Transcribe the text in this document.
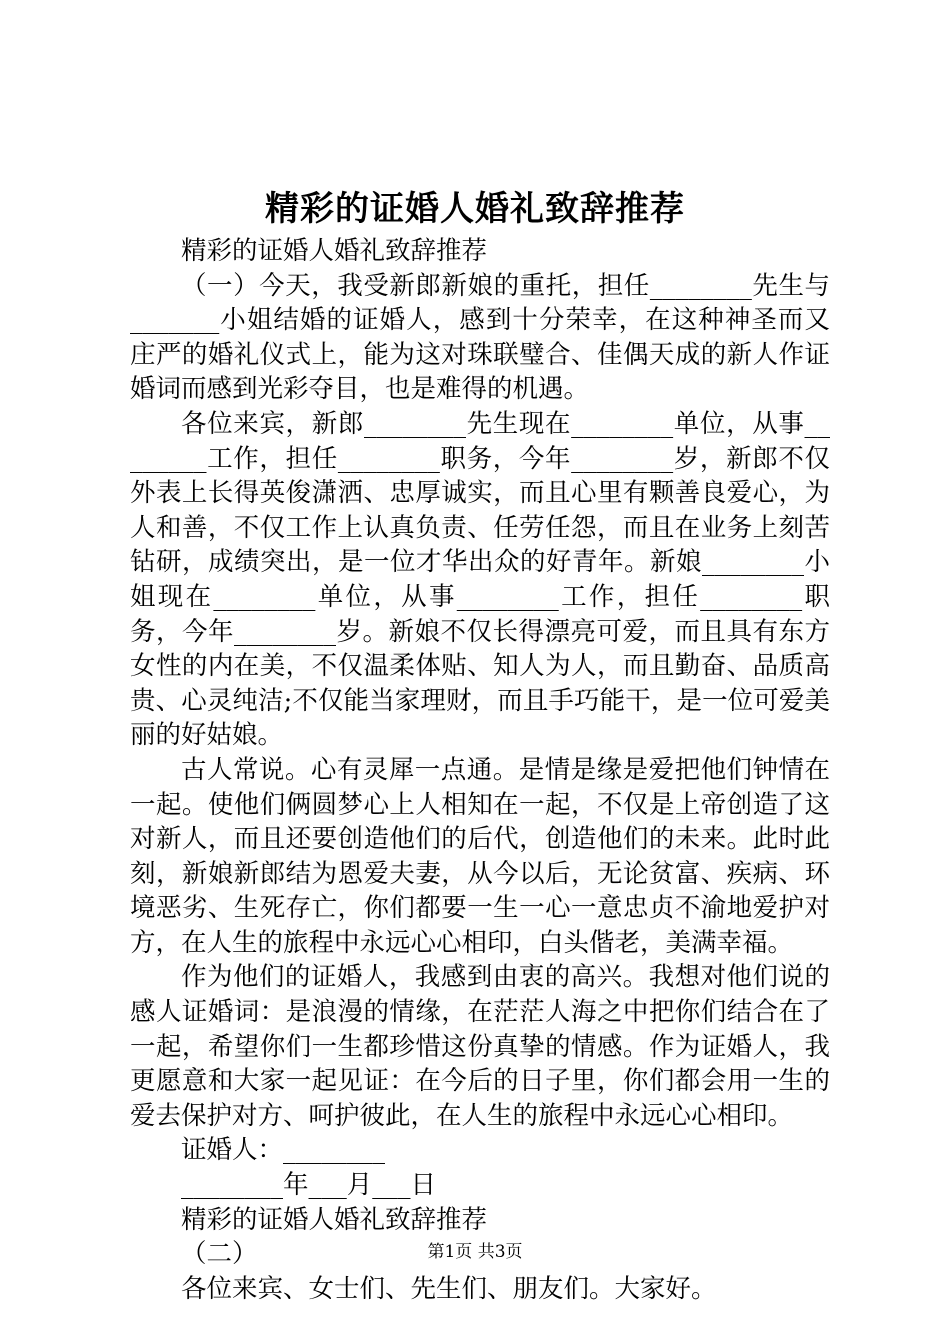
精彩的证婚人婚礼致辞推荐

精彩的证婚人婚礼致辞推荐

（一）今天，我受新郎新娘的重托，担任________先生与_______小姐结婚的证婚人，感到十分荣幸，在这种神圣而又庄严的婚礼仪式上，能为这对珠联璧合、佳偶天成的新人作证婚词而感到光彩夺目，也是难得的机遇。

各位来宾，新郎________先生现在________单位，从事________工作，担任________职务，今年________岁，新郎不仅外表上长得英俊潇洒、忠厚诚实，而且心里有颗善良爱心，为人和善，不仅工作上认真负责、任劳任怨，而且在业务上刻苦钻研，成绩突出，是一位才华出众的好青年。新娘________小姐现在________单位，从事________工作，担任________职务，今年________岁。新娘不仅长得漂亮可爱，而且具有东方女性的内在美，不仅温柔体贴、知人为人，而且勤奋、品质高贵、心灵纯洁;不仅能当家理财，而且手巧能干，是一位可爱美丽的好姑娘。

古人常说。心有灵犀一点通。是情是缘是爱把他们钟情在一起。使他们俩圆梦心上人相知在一起，不仅是上帝创造了这对新人，而且还要创造他们的后代，创造他们的未来。此时此刻，新娘新郎结为恩爱夫妻，从今以后，无论贫富、疾病、环境恶劣、生死存亡，你们都要一生一心一意忠贞不渝地爱护对方，在人生的旅程中永远心心相印，白头偕老，美满幸福。

作为他们的证婚人，我感到由衷的高兴。我想对他们说的感人证婚词：是浪漫的情缘，在茫茫人海之中把你们结合在了一起，希望你们一生都珍惜这份真挚的情感。作为证婚人，我更愿意和大家一起见证：在今后的日子里，你们都会用一生的爱去保护对方、呵护彼此，在人生的旅程中永远心心相印。

证婚人：________

________年___月___日

精彩的证婚人婚礼致辞推荐

（二）

各位来宾、女士们、先生们、朋友们。大家好。

第1页 共3页
